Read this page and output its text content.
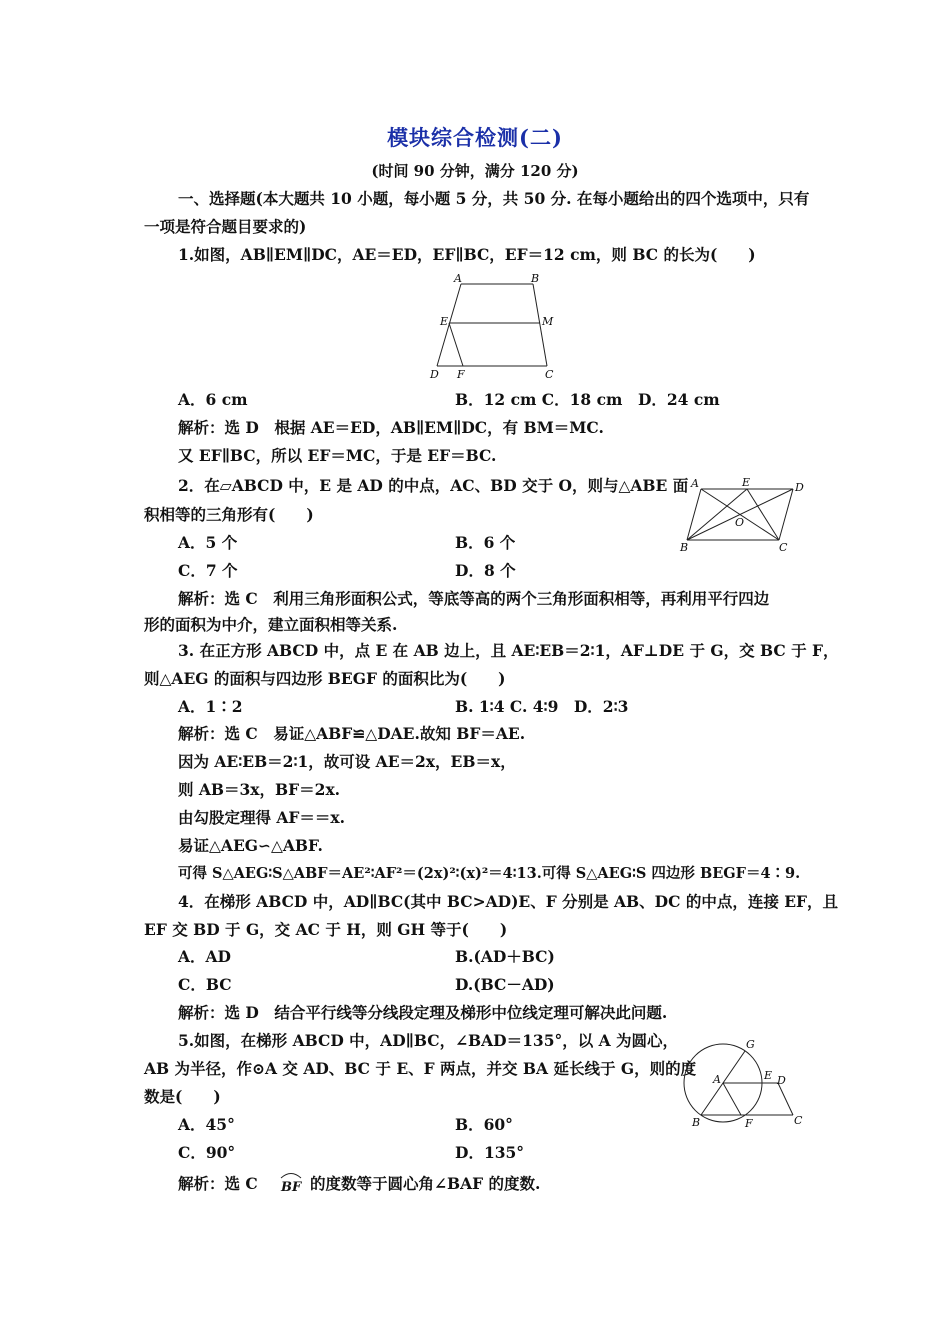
模块综合检测(二)
(时间 90 分钟，满分 120 分)
一、选择题(本大题共 10 小题，每小题 5 分，共 50 分. 在每小题给出的四个选项中，只有
一项是符合题目要求的)
1.如图，AB∥EM∥DC，AE＝ED，EF∥BC，EF＝12 cm，则 BC 的长为(　　)
A	B
E	M
D F	C
A．6 cm	B．12 cm C．18 cm　D．24 cm
解析：选 D　根据 AE＝ED，AB∥EM∥DC，有 BM＝MC.
又 EF∥BC，所以 EF＝MC，于是 EF＝BC.
2．在▱ABCD 中，E 是 AD 的中点，AC、BD 交于 O，则与△ABE 面
积相等的三角形有(　　)
A	E	D
O
B	C
A．5 个	B．6 个
C．7 个	D．8 个
解析：选 C　利用三角形面积公式，等底等高的两个三角形面积相等，再利用平行四边
形的面积为中介，建立面积相等关系.
3. 在正方形 ABCD 中，点 E 在 AB 边上，且 AE∶EB＝2∶1，AF⊥DE 于 G，交 BC 于 F，
则△AEG 的面积与四边形 BEGF 的面积比为(　　)
A．1∶2	B. 1∶4 C. 4∶9　D．2∶3
解析：选 C　易证△ABF≌△DAE.故知 BF＝AE.
因为 AE∶EB＝2∶1，故可设 AE＝2x，EB＝x，
则 AB＝3x，BF＝2x.
由勾股定理得 AF＝＝x.
易证△AEG∽△ABF.
可得 S△AEG∶S△ABF＝AE²∶AF²＝(2x)²∶(x)²＝4∶13.可得 S△AEG∶S 四边形 BEGF＝4∶9.
4．在梯形 ABCD 中，AD∥BC(其中 BC>AD)E、F 分别是 AB、DC 的中点，连接 EF，且
EF 交 BD 于 G，交 AC 于 H，则 GH 等于(　　)
A．AD	B.(AD＋BC)
C．BC	D.(BC－AD)
解析：选 D　结合平行线等分线段定理及梯形中位线定理可解决此问题.
5.如图，在梯形 ABCD 中，AD∥BC，∠BAD＝135°，以 A 为圆心，
AB 为半径，作⊙A 交 AD、BC 于 E、F 两点，并交 BA 延长线于 G，则的度
数是(　　)
G
A	E D
B	F	C
A．45°	B．60°
C．90°	D．135°
解析：选 C BF 的度数等于圆心角∠BAF 的度数.
